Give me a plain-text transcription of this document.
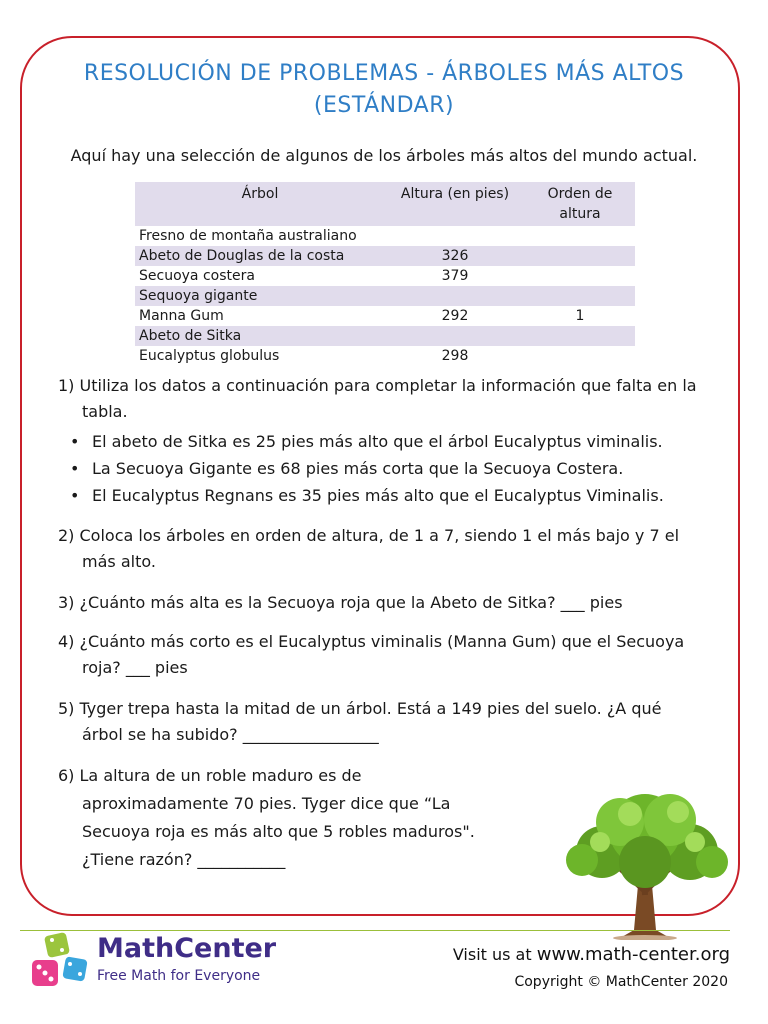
RESOLUCIÓN DE PROBLEMAS - ÁRBOLES MÁS ALTOS
(ESTÁNDAR)
Aquí hay una selección de algunos de los árboles más altos del mundo actual.
Árbol	Altura (en pies)	Orden de altura

Fresno de montaña australiano		
Abeto de Douglas de la costa	326	
Secuoya costera	379	
Sequoya gigante		
Manna Gum	292	1
Abeto de Sitka		
Eucalyptus globulus	298	
1) Utiliza los datos a continuación para completar la información que falta en la
tabla.
• El abeto de Sitka es 25 pies más alto que el árbol Eucalyptus viminalis.
• La Secuoya Gigante es 68 pies más corta que la Secuoya Costera.
• El Eucalyptus Regnans es 35 pies más alto que el Eucalyptus Viminalis.
2) Coloca los árboles en orden de altura, de 1 a 7, siendo 1 el más bajo y 7 el
más alto.
3) ¿Cuánto más alta es la Secuoya roja que la Abeto de Sitka? ___ pies
4) ¿Cuánto más corto es el Eucalyptus viminalis (Manna Gum) que el Secuoya
roja? ___ pies
5) Tyger trepa hasta la mitad de un árbol. Está a 149 pies del suelo. ¿A qué
árbol se ha subido? _________________
6) La altura de un roble maduro es de
aproximadamente 70 pies. Tyger dice que “La
Secuoya roja es más alto que 5 robles maduros".
¿Tiene razón? ___________
MathCenter
Free Math for Everyone
Visit us at www.math-center.org
Copyright © MathCenter 2020
